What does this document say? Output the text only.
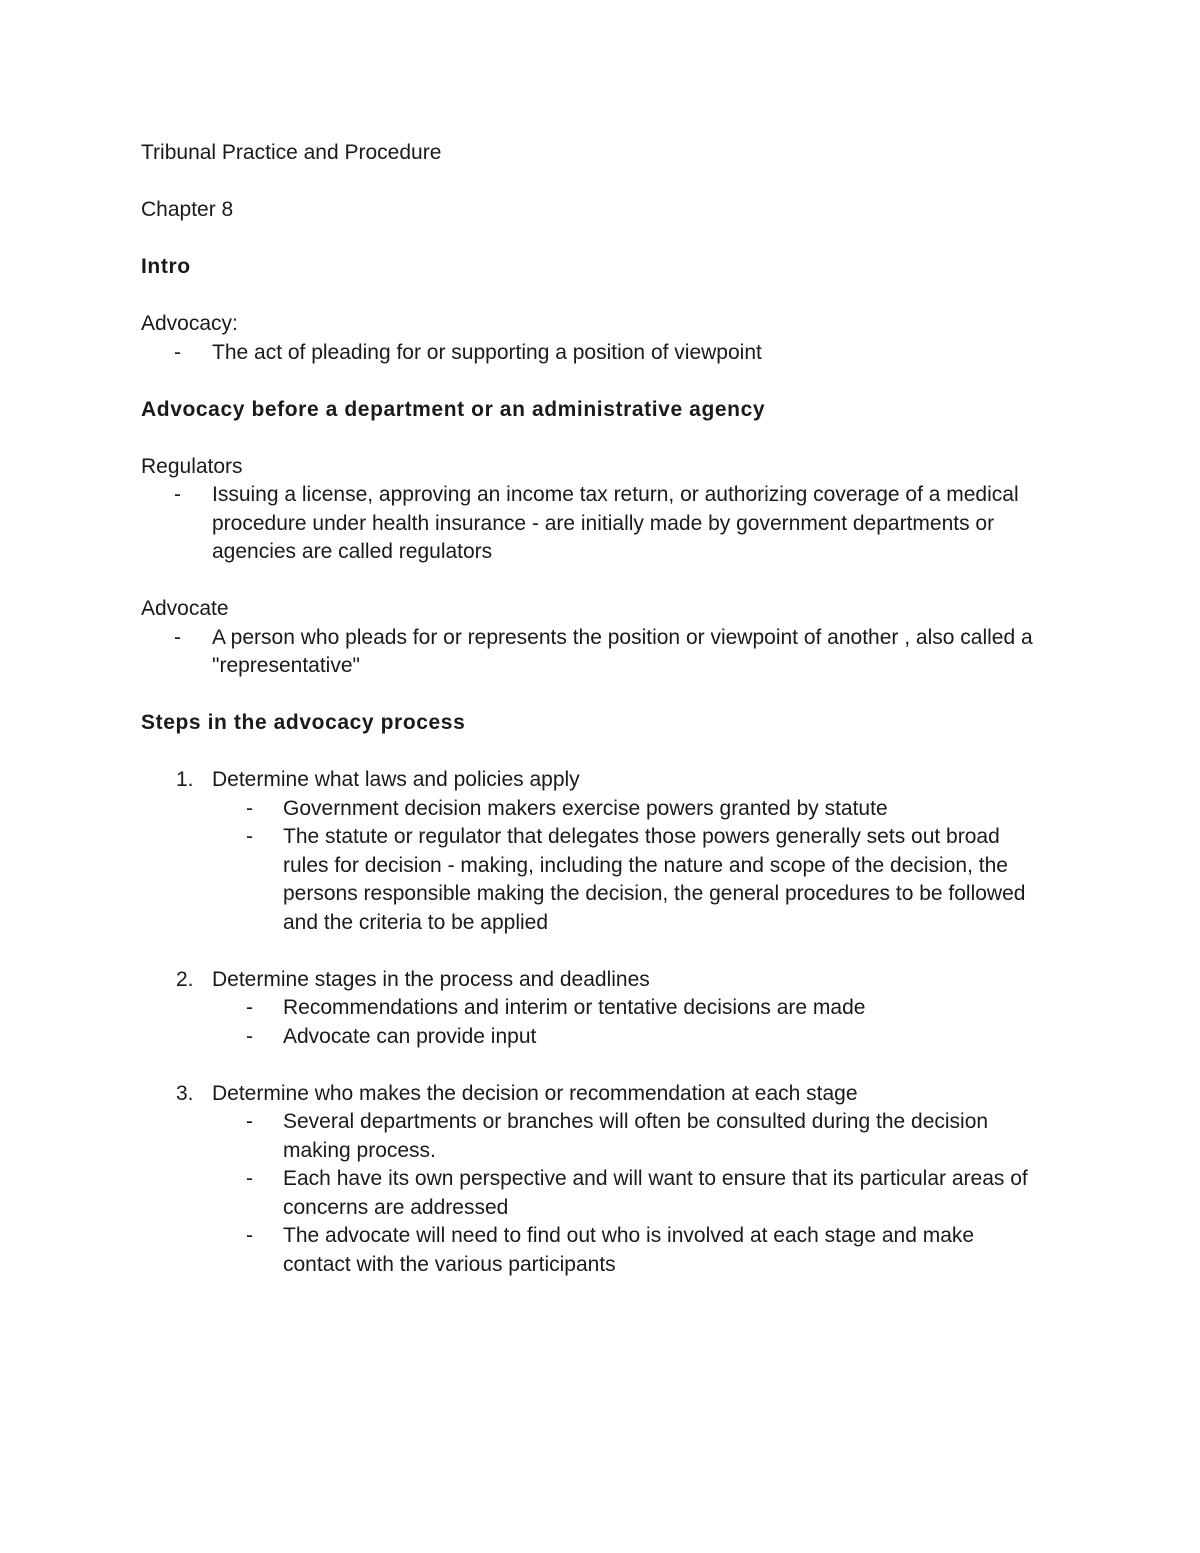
Tribunal Practice and Procedure
Chapter 8
Intro
Advocacy:
- The act of pleading for or supporting a position of viewpoint
Advocacy before a department or an administrative agency
Regulators
- Issuing a license, approving an income tax return, or authorizing coverage of a medical
procedure under health insurance - are initially made by government departments or
agencies are called regulators
Advocate
- A person who pleads for or represents the position or viewpoint of another , also called a
"representative"
Steps in the advocacy process
1. Determine what laws and policies apply
- Government decision makers exercise powers granted by statute
- The statute or regulator that delegates those powers generally sets out broad
rules for decision - making, including the nature and scope of the decision, the
persons responsible making the decision, the general procedures to be followed
and the criteria to be applied
2. Determine stages in the process and deadlines
- Recommendations and interim or tentative decisions are made
- Advocate can provide input
3. Determine who makes the decision or recommendation at each stage
- Several departments or branches will often be consulted during the decision
making process.
- Each have its own perspective and will want to ensure that its particular areas of
concerns are addressed
- The advocate will need to find out who is involved at each stage and make
contact with the various participants
